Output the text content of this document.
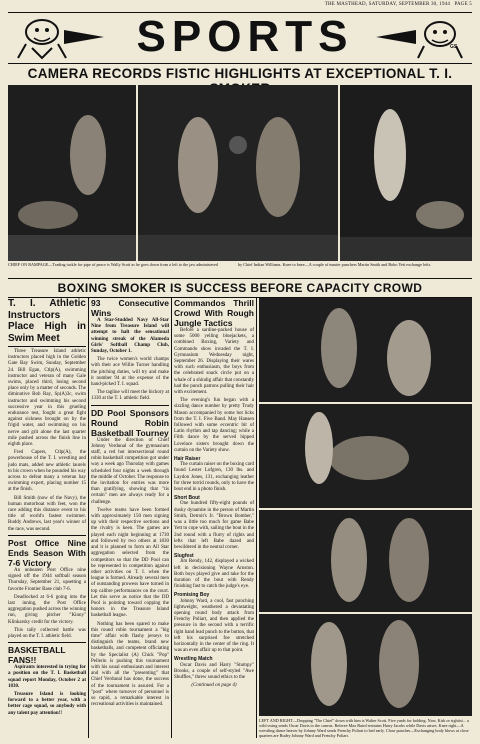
THE MASTHEAD, SATURDAY, SEPTEMBER 30, 1944 PAGE 5
SPORTS	GS
CAMERA RECORDS FISTIC HIGHLIGHTS AT EXCEPTIONAL T. I.
CHIEF ON RAMPAGE—Trading tackle for pipe of peace is Wally Scott as he goes down from a left to the jaw administered	by Chief Indian Williams. Knee to knee—A couple of master punchers Martin Smith and Bobo Yett exchange lefts.
BOXING SMOKER IS SUCCESS BEFORE CAPACITY CROWD
T. I. Athletic Instructors Place High in Swim Meet

Three Treasure Island athletic instructors placed high in the Golden Gate Bay Swim, Sunday, September 24. Bill Egan, Ctlp(A), swimming instructor and veteran of many Gale swims, placed third, losing second place only by a matter of seconds. The diminutive Bob Ray, Sp(A)3c, swim instructor and swimming his second successive year in this grueling endurance test, fought a great fight against sickness brought on by the frigid water, and swimming on his nerve and grit alone the last quarter mile pushed across the finish line in eighth place.

Fred Capers, Ctlp(A), the powerhouse of the T. I. wrestling and judo mats, added new athletic laurels to his crown when he pounded his way across to defeat many a veteran bay swimming expert, placing number 15 at the finish.

Bill Smith (now of the Navy), the human motorboat with feet, won the race adding this distance event to his title of world's fastest swimmer. Buddy Andrews, last year's winner of the race, was second.

Post Office Nine Ends Season With 7-6 Victory

An unbeaten Post Office nine signed off the 1944 softball season Thursday, September 21, upsetting a favorite Frontier Base club 7-6.

Deadlocked at 6-6 going into the last inning, the Post Office aggregation pushed across the winning run, giving pitcher "Kinny" Klinkarsky credit for the victory.

This tally collected battle was played on the T. I. athletic field.

BASKETBALL FANS!!

Aspirants interested in trying for a position on the T. I. Basketball squad report Monday, October 2 at 1830.

Treasure Island is looking forward to a better year, with a better cage squad, so anybody with any talent pay attention!!

93 Consecutive Wins

A Star-Studded Navy All-Star Nine from Treasure Island will attempt to halt the sensational winning streak of the Alameda Girls' Softball Champ Club, Sunday, October 1.

The twice women's world champs with their ace Willie Turner handling the pitching duties, will try and make it number 94 at the expense of the hand-picked T. I. squad.

The tagline will meet the hickory at 1330 at the T. I. athletic field.

DD Pool Sponsors Round Robin Basketball Tourney

Under the direction of Chief Johnny Verdunal of the gymnasium staff, a red hot intersectional round robin basketball competition got under way a week ago Thursday with games scheduled four nights a week through the middle of October. The response to the invitation for entries was more than gratifying, showing that "tis certain" men are always ready for a challenge.

Twelve teams have been formed with approximately 150 men signing up with their respective sections and the rivalry is keen. The games are played each night beginning at 1730 and followed by two others at 1830 and it is planned to form an All Star aggregation selected from the competitors so that the DD Pool can be represented in competition against other activities on T. I. when the league is formed. Already several men of outstanding prowess have turned in top calibre performances on the court. Let this serve as notice that the DD Pool is pointing toward copping the honors in the Treasure Island basketball league.

Nothing has been spared to make this round robin tournament a "big time" affair with flashy jerseys to distinguish the teams, brand new basketballs, and competent officiating by the Specialist (A) Chick "Pop" Pellerin is pushing this tournament with his usual enthusiasm and interest and with all the "presenting" that Chief Verdunal has done, the success of the tournament is assured. For a "post" where turnover of personnel is so rapid, a remarkable interest in recreational activities is maintained.

Commandos Thrill Crowd With Rough Jungle Tactics

Before a sardine-packed house of some 5000 yelling bluejackets, a combined Boxing, Variety and Commando show invaded the T. I. Gymnasium Wednesday night, September 26. Displaying their wares with such enthusiasm, the boys from the celebrated snack circle put on a whale of a shindig affair that constantly had the punch patrons pulling their hair with excitement.

The evening's fun began with a sizzling dance number by pretty Trudy Mason accompanied by some hot licks from the T. I. Five Band. May Hansen followed with some eccentric bit of Latin rhythm and tap dancing; while a Filth dance by the served hipped Lovelace sisters brought down the curtain on the Variety show.

Hair Raiser

The curtain raiser on the boxing card found Lester Lofgren, 130 lbs. and Laydon Jones, 131, exchanging leather for three torrid rounds, only to have the bout end in a photo finish.

Short Bout

One hundred fifty-eight pounds of dusky dynamite in the person of Martin Smith, Detroit's Jr. "Brown Bomber," was a little too much for game Babe Yett to cope with, sailing the bout in the 2nd round with a flurry of rights and lefts that left Babe dazed and bewildered in the neutral corner.

Slugfest

Jim Rendy, 142, displayed a wicked left in decisioning Wayne Arnston. Both boys played give and take for the duration of the bout with Rendy finishing fast to catch the judge's eye.

Promising Boy

Johnny Ward, a cool, fast punching lightweight, weathered a devastating opening round body attack from Frenchy Poliart, and then applied the pressure in the second with a terrific right hand lead punch to the button, that left his surprised foe stretched horizontally in the center of the ring. It was an even affair up to that point.

Wrestling Match

Oscar Davis and Harry "Stumpy" Brooks, a couple of self-styled "Awe Shuffles," threw sound ethics to the

(Continued on page 4)
LEFT AND RIGHT—Dropping "The Chief" down with him is Walter Scott. Five yards for holding. Now, Kirk or rightist... a wild swing sends Oscar Davis to the canvas. Referee Max Baird restrains Harry Jacobs while Davis arises. Knee right—A wrestling dance beaver by Johnny Ward sends Frenchy Poliart to bed early. Close punches—Exchanging body blows at close quarters are Rudey Johnny Ward and Frenchy Poliart.
